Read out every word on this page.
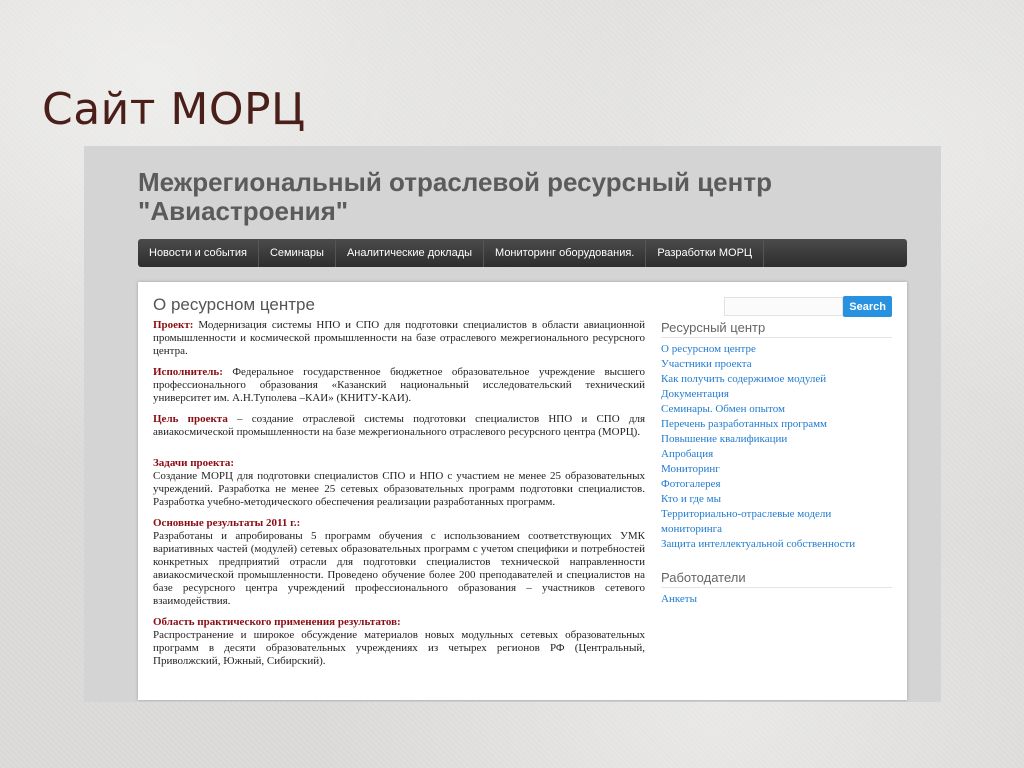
Сайт МОРЦ
Межрегиональный отраслевой ресурсный центр
"Авиастроения"
Новости и события	Семинары	Аналитические доклады	Мониторинг оборудования.	Разработки МОРЦ
О ресурсном центре

Проект: Модернизация системы НПО и СПО для подготовки специалистов в области авиационной промышленности и космической промышленности на базе отраслевого межрегионального ресурсного центра.

Исполнитель: Федеральное государственное бюджетное образовательное учреждение высшего профессионального образования «Казанский национальный исследовательский технический университет им. А.Н.Туполева –КАИ» (КНИТУ-КАИ).

Цель проекта – создание отраслевой системы подготовки специалистов НПО и СПО для авиакосмической промышленности на базе межрегионального отраслевого ресурсного центра (МОРЦ).

Задачи проекта:
Создание МОРЦ для подготовки специалистов СПО и НПО с участием не менее 25 образовательных учреждений. Разработка не менее 25 сетевых образовательных программ подготовки специалистов. Разработка учебно-методического обеспечения реализации разработанных программ.

Основные результаты 2011 г.:
Разработаны и апробированы 5 программ обучения с использованием соответствующих УМК вариативных частей (модулей) сетевых образовательных программ с учетом специфики и потребностей конкретных предприятий отрасли для подготовки специалистов технической направленности авиакосмической промышленности. Проведено обучение более 200 преподавателей и специалистов на базе ресурсного центра учреждений профессионального образования – участников сетевого взаимодействия.

Область практического применения результатов:
Распространение и широкое обсуждение материалов новых модульных сетевых образовательных программ в десяти образовательных учреждениях из четырех регионов РФ (Центральный, Приволжский, Южный, Сибирский).

Search
Ресурсный центр
О ресурсном центре
Участники проекта
Как получить содержимое модулей
Документация
Семинары. Обмен опытом
Перечень разработанных программ
Повышение квалификации
Апробация
Мониторинг
Фотогалерея
Кто и где мы
Территориально-отраслевые модели мониторинга
Защита интеллектуальной собственности
Работодатели
Анкеты
